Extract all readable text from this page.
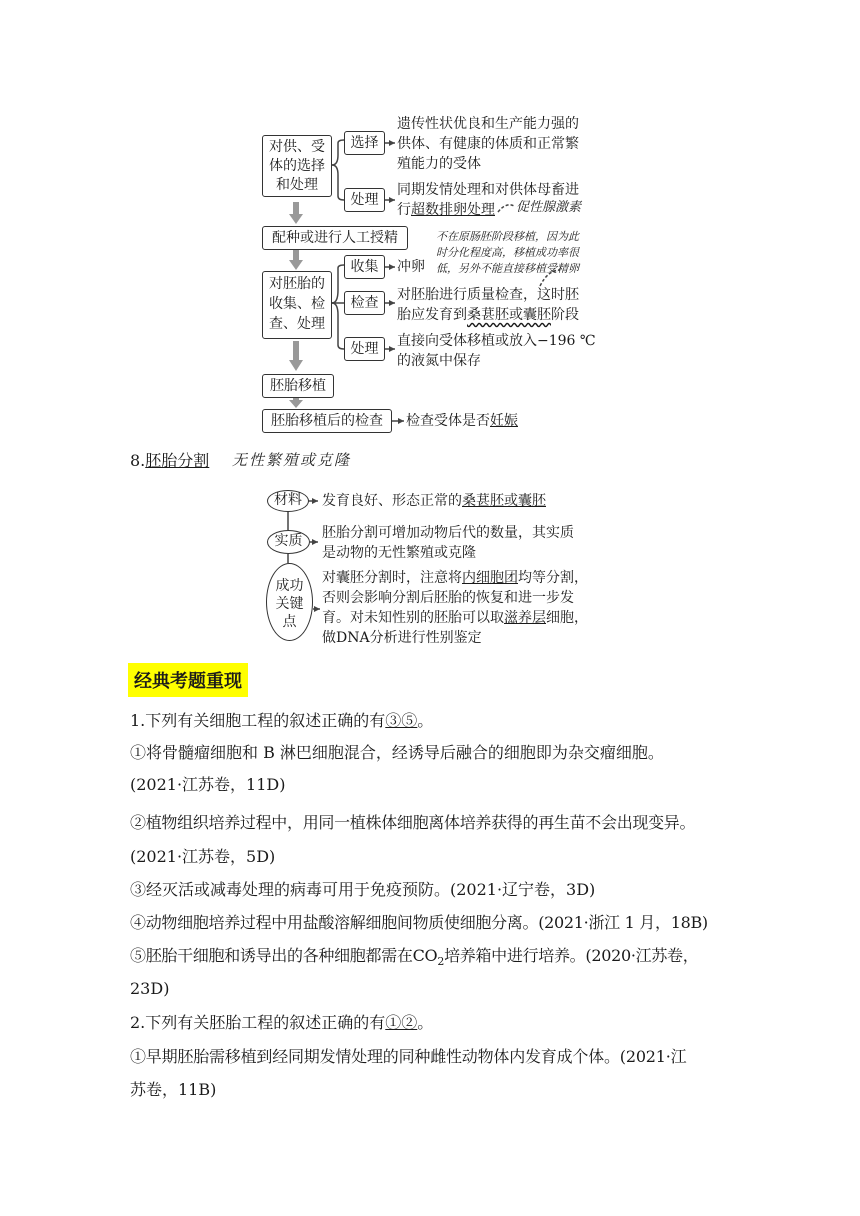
对供、受体的选择和处理
选择
遗传性状优良和生产能力强的
供体、有健康的体质和正常繁
殖能力的受体
处理
同期发情处理和对供体母畜进
行超数排卵处理 促性腺激素
配种或进行人工授精	不在原肠胚阶段移植，因为此
时分化程度高，移植成功率很
低，另外不能直接移植受精卵
对胚胎的收集、检查、处理
收集	冲卵
检查	对胚胎进行质量检查，这时胚
胎应发育到桑葚胚或囊胚阶段
处理	直接向受体移植或放入−196 ℃
的液氮中保存
胚胎移植
胚胎移植后的检查	检查受体是否妊娠
8.胚胎分割 无性繁殖或克隆
材料	发育良好、形态正常的桑葚胚或囊胚
实质	胚胎分割可增加动物后代的数量，其实质
是动物的无性繁殖或克隆
成功
关键
点
对囊胚分割时，注意将内细胞团均等分割，
否则会影响分割后胚胎的恢复和进一步发
育。对未知性别的胚胎可以取滋养层细胞，
做DNA分析进行性别鉴定
经典考题重现
1.下列有关细胞工程的叙述正确的有③⑤。
①将骨髓瘤细胞和 B 淋巴细胞混合，经诱导后融合的细胞即为杂交瘤细胞。
(2021·江苏卷，11D)
②植物组织培养过程中，用同一植株体细胞离体培养获得的再生苗不会出现变异。
(2021·江苏卷，5D)
③经灭活或减毒处理的病毒可用于免疫预防。(2021·辽宁卷，3D)
④动物细胞培养过程中用盐酸溶解细胞间物质使细胞分离。(2021·浙江 1 月，18B)
⑤胚胎干细胞和诱导出的各种细胞都需在$CO_2$培养箱中进行培养。(2020·江苏卷，
23D)
2.下列有关胚胎工程的叙述正确的有①②。
①早期胚胎需移植到经同期发情处理的同种雌性动物体内发育成个体。(2021·江
苏卷，11B)
